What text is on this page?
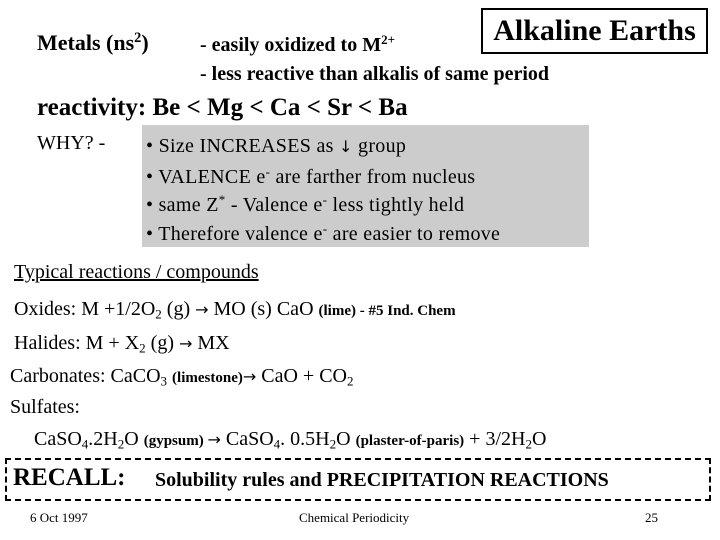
Metals $(ns^2)$	- easily oxidized to $M^{2+}$
- less reactive than alkalis of same period
Alkaline Earths
reactivity: Be < Mg < Ca < Sr < Ba
WHY? - • Size INCREASES as ↓ group
• VALENCE e- are farther from nucleus
• same Z* - Valence e- less tightly held
• Therefore valence e- are easier to remove
Typical reactions / compounds
Oxides: $M +1/2O_2$ (g) → MO (s) CaO (lime) - #5 Ind. Chem
Halides: $M + X_2$ (g) → MX
Carbonates: CaCO$_3$ (limestone)→ CaO + $CO_2$
Sulfates:
$CaSO_4.2H_2O$ (gypsum) → CaSO$_4$. $0.5H_2O$ (plaster-of-paris) + $3/2H_2O$
RECALL: Solubility rules and PRECIPITATION REACTIONS
6 Oct 1997	Chemical Periodicity	25
